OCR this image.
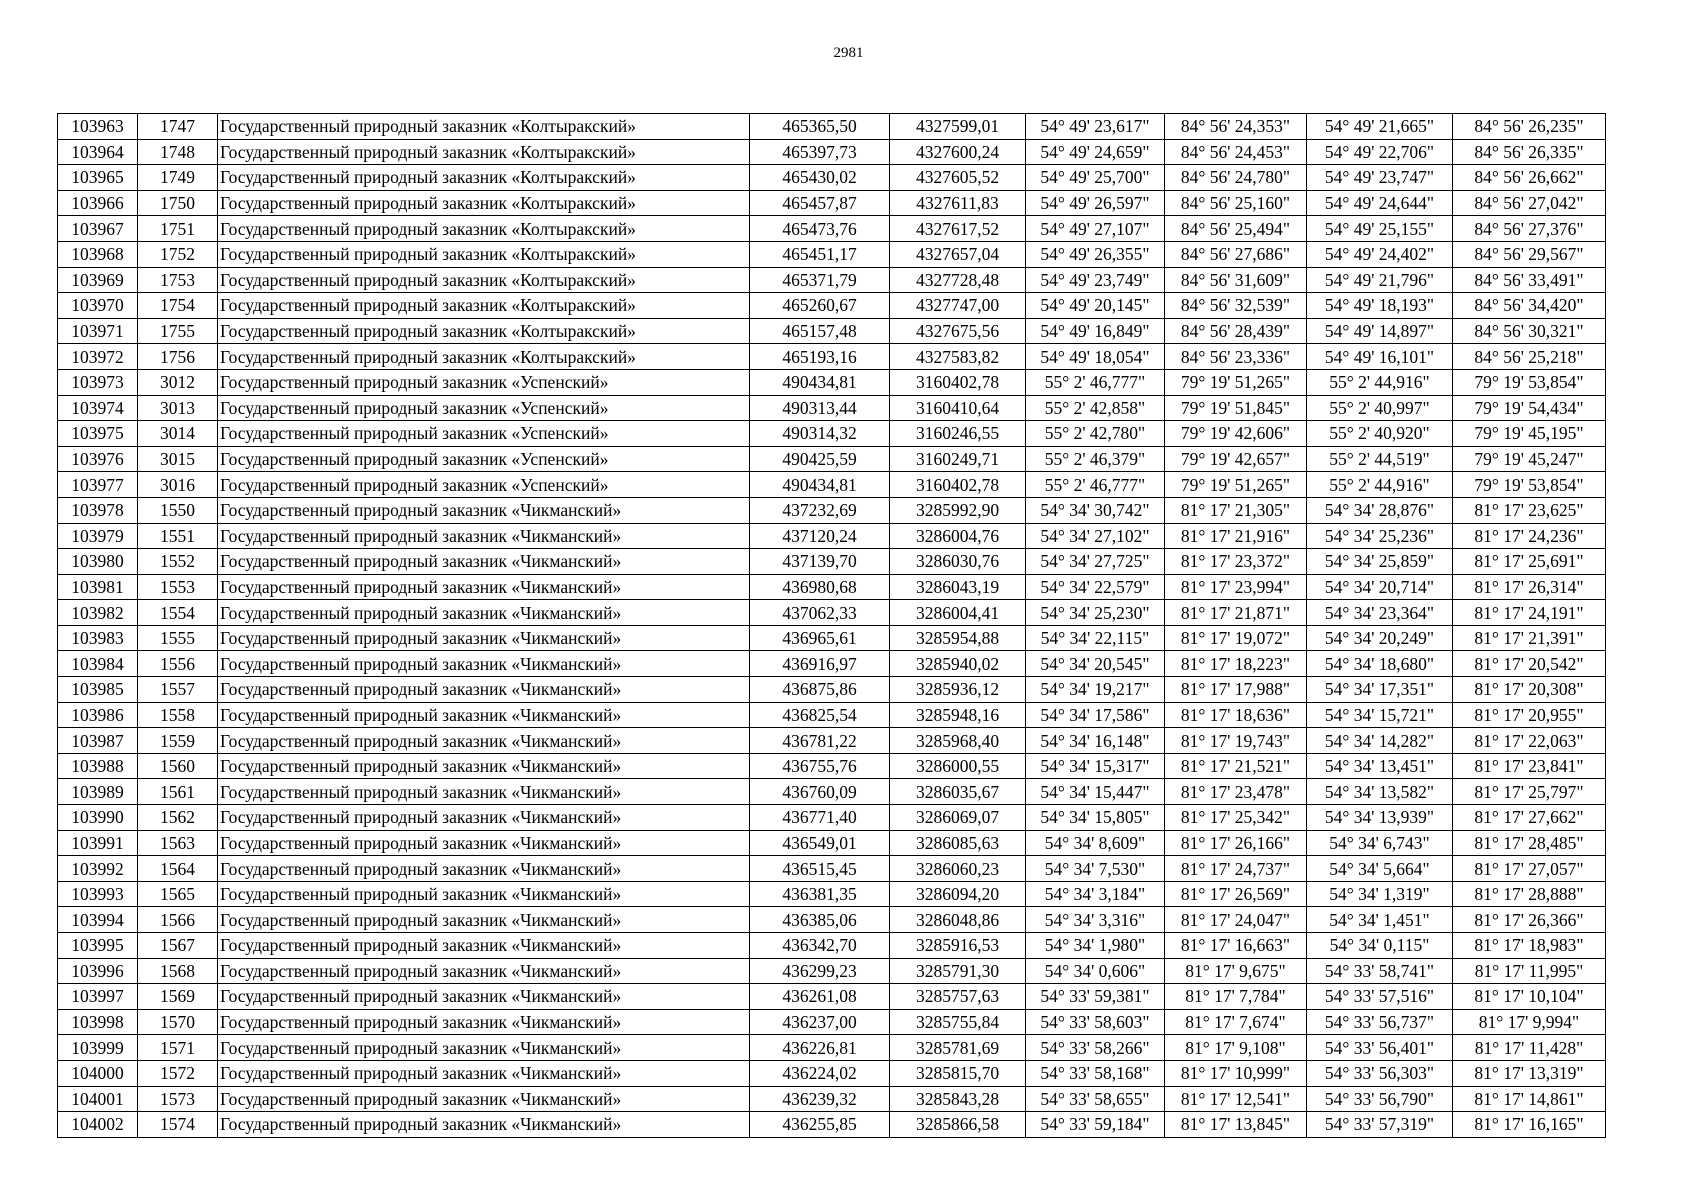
2981
103963	1747	Государственный природный заказник «Колтыракский»	465365,50	4327599,01	54° 49' 23,617"	84° 56' 24,353"	54° 49' 21,665"	84° 56' 26,235"
103964	1748	Государственный природный заказник «Колтыракский»	465397,73	4327600,24	54° 49' 24,659"	84° 56' 24,453"	54° 49' 22,706"	84° 56' 26,335"
103965	1749	Государственный природный заказник «Колтыракский»	465430,02	4327605,52	54° 49' 25,700"	84° 56' 24,780"	54° 49' 23,747"	84° 56' 26,662"
103966	1750	Государственный природный заказник «Колтыракский»	465457,87	4327611,83	54° 49' 26,597"	84° 56' 25,160"	54° 49' 24,644"	84° 56' 27,042"
103967	1751	Государственный природный заказник «Колтыракский»	465473,76	4327617,52	54° 49' 27,107"	84° 56' 25,494"	54° 49' 25,155"	84° 56' 27,376"
103968	1752	Государственный природный заказник «Колтыракский»	465451,17	4327657,04	54° 49' 26,355"	84° 56' 27,686"	54° 49' 24,402"	84° 56' 29,567"
103969	1753	Государственный природный заказник «Колтыракский»	465371,79	4327728,48	54° 49' 23,749"	84° 56' 31,609"	54° 49' 21,796"	84° 56' 33,491"
103970	1754	Государственный природный заказник «Колтыракский»	465260,67	4327747,00	54° 49' 20,145"	84° 56' 32,539"	54° 49' 18,193"	84° 56' 34,420"
103971	1755	Государственный природный заказник «Колтыракский»	465157,48	4327675,56	54° 49' 16,849"	84° 56' 28,439"	54° 49' 14,897"	84° 56' 30,321"
103972	1756	Государственный природный заказник «Колтыракский»	465193,16	4327583,82	54° 49' 18,054"	84° 56' 23,336"	54° 49' 16,101"	84° 56' 25,218"
103973	3012	Государственный природный заказник «Успенский»	490434,81	3160402,78	55° 2' 46,777"	79° 19' 51,265"	55° 2' 44,916"	79° 19' 53,854"
103974	3013	Государственный природный заказник «Успенский»	490313,44	3160410,64	55° 2' 42,858"	79° 19' 51,845"	55° 2' 40,997"	79° 19' 54,434"
103975	3014	Государственный природный заказник «Успенский»	490314,32	3160246,55	55° 2' 42,780"	79° 19' 42,606"	55° 2' 40,920"	79° 19' 45,195"
103976	3015	Государственный природный заказник «Успенский»	490425,59	3160249,71	55° 2' 46,379"	79° 19' 42,657"	55° 2' 44,519"	79° 19' 45,247"
103977	3016	Государственный природный заказник «Успенский»	490434,81	3160402,78	55° 2' 46,777"	79° 19' 51,265"	55° 2' 44,916"	79° 19' 53,854"
103978	1550	Государственный природный заказник «Чикманский»	437232,69	3285992,90	54° 34' 30,742"	81° 17' 21,305"	54° 34' 28,876"	81° 17' 23,625"
103979	1551	Государственный природный заказник «Чикманский»	437120,24	3286004,76	54° 34' 27,102"	81° 17' 21,916"	54° 34' 25,236"	81° 17' 24,236"
103980	1552	Государственный природный заказник «Чикманский»	437139,70	3286030,76	54° 34' 27,725"	81° 17' 23,372"	54° 34' 25,859"	81° 17' 25,691"
103981	1553	Государственный природный заказник «Чикманский»	436980,68	3286043,19	54° 34' 22,579"	81° 17' 23,994"	54° 34' 20,714"	81° 17' 26,314"
103982	1554	Государственный природный заказник «Чикманский»	437062,33	3286004,41	54° 34' 25,230"	81° 17' 21,871"	54° 34' 23,364"	81° 17' 24,191"
103983	1555	Государственный природный заказник «Чикманский»	436965,61	3285954,88	54° 34' 22,115"	81° 17' 19,072"	54° 34' 20,249"	81° 17' 21,391"
103984	1556	Государственный природный заказник «Чикманский»	436916,97	3285940,02	54° 34' 20,545"	81° 17' 18,223"	54° 34' 18,680"	81° 17' 20,542"
103985	1557	Государственный природный заказник «Чикманский»	436875,86	3285936,12	54° 34' 19,217"	81° 17' 17,988"	54° 34' 17,351"	81° 17' 20,308"
103986	1558	Государственный природный заказник «Чикманский»	436825,54	3285948,16	54° 34' 17,586"	81° 17' 18,636"	54° 34' 15,721"	81° 17' 20,955"
103987	1559	Государственный природный заказник «Чикманский»	436781,22	3285968,40	54° 34' 16,148"	81° 17' 19,743"	54° 34' 14,282"	81° 17' 22,063"
103988	1560	Государственный природный заказник «Чикманский»	436755,76	3286000,55	54° 34' 15,317"	81° 17' 21,521"	54° 34' 13,451"	81° 17' 23,841"
103989	1561	Государственный природный заказник «Чикманский»	436760,09	3286035,67	54° 34' 15,447"	81° 17' 23,478"	54° 34' 13,582"	81° 17' 25,797"
103990	1562	Государственный природный заказник «Чикманский»	436771,40	3286069,07	54° 34' 15,805"	81° 17' 25,342"	54° 34' 13,939"	81° 17' 27,662"
103991	1563	Государственный природный заказник «Чикманский»	436549,01	3286085,63	54° 34' 8,609"	81° 17' 26,166"	54° 34' 6,743"	81° 17' 28,485"
103992	1564	Государственный природный заказник «Чикманский»	436515,45	3286060,23	54° 34' 7,530"	81° 17' 24,737"	54° 34' 5,664"	81° 17' 27,057"
103993	1565	Государственный природный заказник «Чикманский»	436381,35	3286094,20	54° 34' 3,184"	81° 17' 26,569"	54° 34' 1,319"	81° 17' 28,888"
103994	1566	Государственный природный заказник «Чикманский»	436385,06	3286048,86	54° 34' 3,316"	81° 17' 24,047"	54° 34' 1,451"	81° 17' 26,366"
103995	1567	Государственный природный заказник «Чикманский»	436342,70	3285916,53	54° 34' 1,980"	81° 17' 16,663"	54° 34' 0,115"	81° 17' 18,983"
103996	1568	Государственный природный заказник «Чикманский»	436299,23	3285791,30	54° 34' 0,606"	81° 17' 9,675"	54° 33' 58,741"	81° 17' 11,995"
103997	1569	Государственный природный заказник «Чикманский»	436261,08	3285757,63	54° 33' 59,381"	81° 17' 7,784"	54° 33' 57,516"	81° 17' 10,104"
103998	1570	Государственный природный заказник «Чикманский»	436237,00	3285755,84	54° 33' 58,603"	81° 17' 7,674"	54° 33' 56,737"	81° 17' 9,994"
103999	1571	Государственный природный заказник «Чикманский»	436226,81	3285781,69	54° 33' 58,266"	81° 17' 9,108"	54° 33' 56,401"	81° 17' 11,428"
104000	1572	Государственный природный заказник «Чикманский»	436224,02	3285815,70	54° 33' 58,168"	81° 17' 10,999"	54° 33' 56,303"	81° 17' 13,319"
104001	1573	Государственный природный заказник «Чикманский»	436239,32	3285843,28	54° 33' 58,655"	81° 17' 12,541"	54° 33' 56,790"	81° 17' 14,861"
104002	1574	Государственный природный заказник «Чикманский»	436255,85	3285866,58	54° 33' 59,184"	81° 17' 13,845"	54° 33' 57,319"	81° 17' 16,165"
